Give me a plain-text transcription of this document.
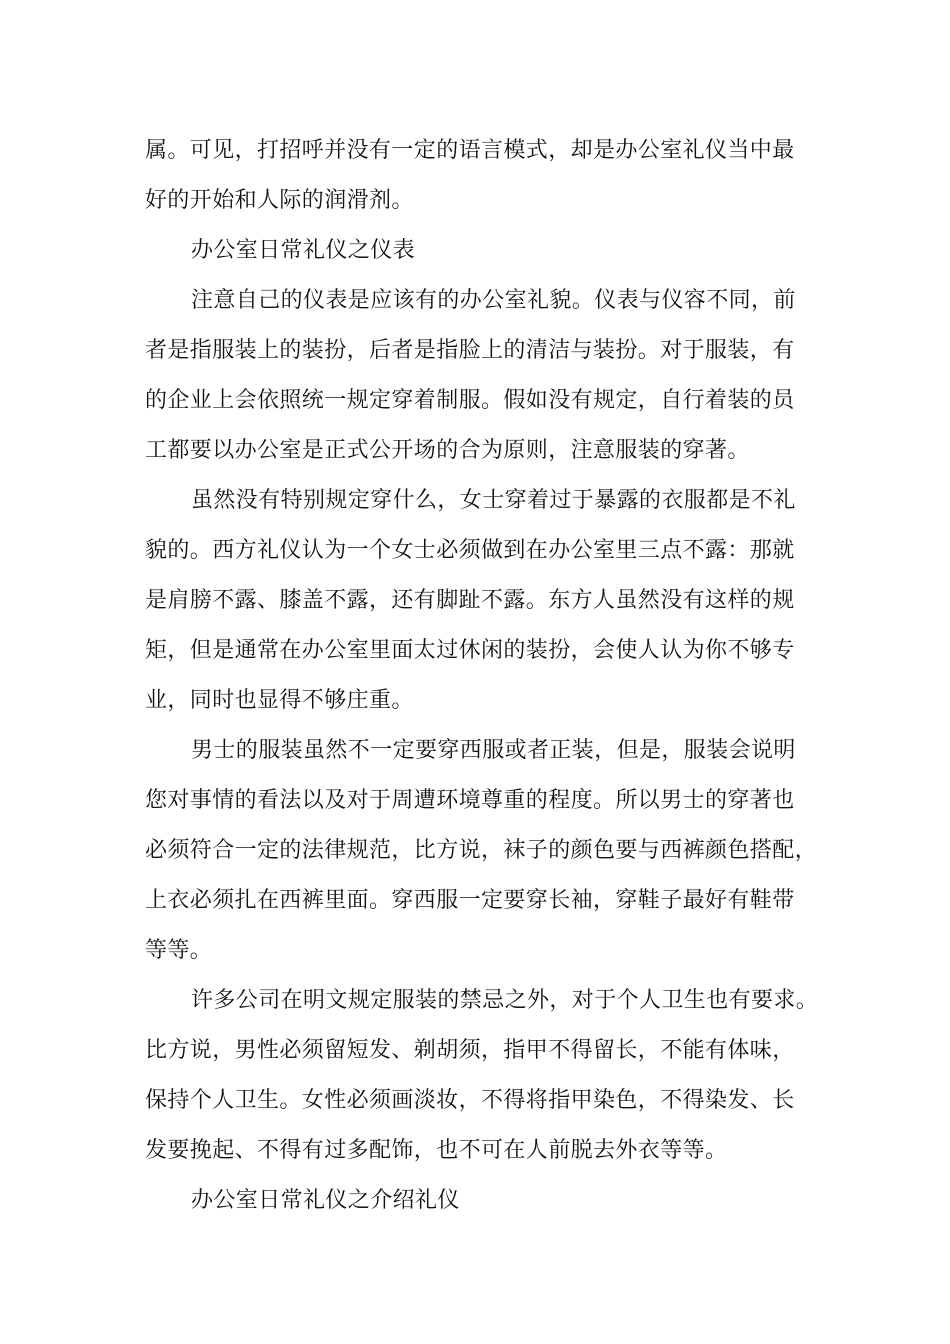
属。可见，打招呼并没有一定的语言模式，却是办公室礼仪当中最
好的开始和人际的润滑剂。
办公室日常礼仪之仪表
注意自己的仪表是应该有的办公室礼貌。仪表与仪容不同，前
者是指服装上的装扮，后者是指脸上的清洁与装扮。对于服装，有
的企业上会依照统一规定穿着制服。假如没有规定，自行着装的员
工都要以办公室是正式公开场的合为原则，注意服装的穿著。
虽然没有特别规定穿什么，女士穿着过于暴露的衣服都是不礼
貌的。西方礼仪认为一个女士必须做到在办公室里三点不露：那就
是肩膀不露、膝盖不露，还有脚趾不露。东方人虽然没有这样的规
矩，但是通常在办公室里面太过休闲的装扮，会使人认为你不够专
业，同时也显得不够庄重。
男士的服装虽然不一定要穿西服或者正装，但是，服装会说明
您对事情的看法以及对于周遭环境尊重的程度。所以男士的穿著也
必须符合一定的法律规范，比方说，袜子的颜色要与西裤颜色搭配，
上衣必须扎在西裤里面。穿西服一定要穿长袖，穿鞋子最好有鞋带
等等。
许多公司在明文规定服装的禁忌之外，对于个人卫生也有要求。
比方说，男性必须留短发、剃胡须，指甲不得留长，不能有体味，
保持个人卫生。女性必须画淡妆，不得将指甲染色，不得染发、长
发要挽起、不得有过多配饰，也不可在人前脱去外衣等等。
办公室日常礼仪之介绍礼仪
